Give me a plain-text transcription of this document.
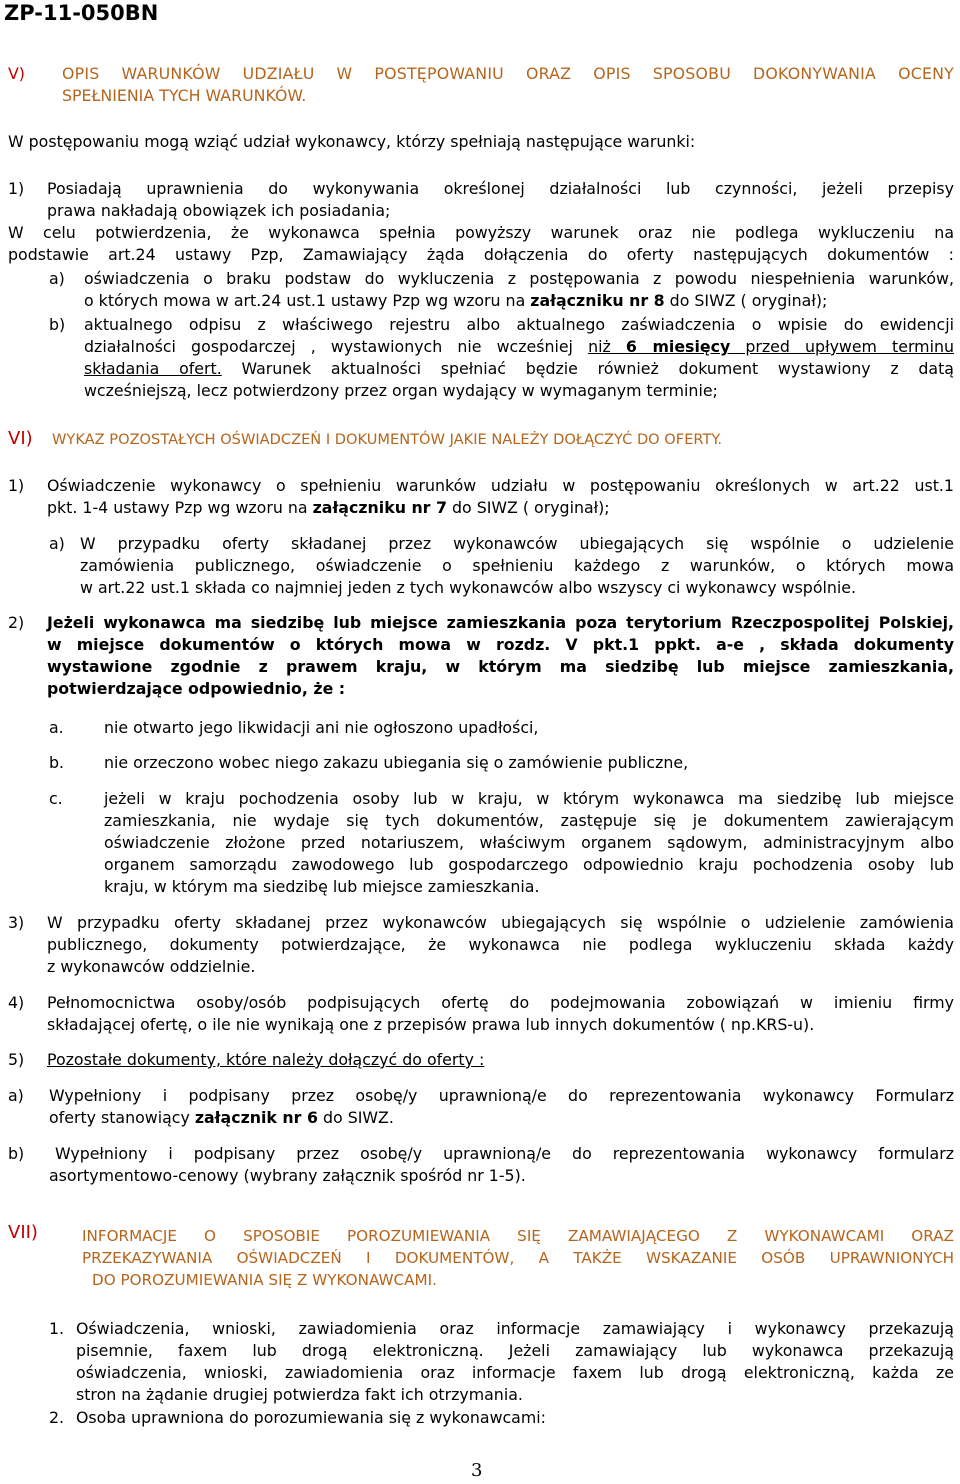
ZP-11-050BN
V) OPIS WARUNKÓW UDZIAŁU W POSTĘPOWANIU ORAZ OPIS SPOSOBU DOKONYWANIA OCENY
SPEŁNIENIA TYCH WARUNKÓW.
W postępowaniu mogą wziąć udział wykonawcy, którzy spełniają następujące warunki:
1) Posiadają uprawnienia do wykonywania określonej działalności lub czynności, jeżeli przepisy
prawa nakładają obowiązek ich posiadania;
W celu potwierdzenia, że wykonawca spełnia powyższy warunek oraz nie podlega wykluczeniu na
podstawie art.24 ustawy Pzp, Zamawiający żąda dołączenia do oferty następujących dokumentów :
a) oświadczenia o braku podstaw do wykluczenia z postępowania z powodu niespełnienia warunków,
o których mowa w art.24 ust.1 ustawy Pzp wg wzoru na załączniku nr 8 do SIWZ ( oryginał);
b) aktualnego odpisu z właściwego rejestru albo aktualnego zaświadczenia o wpisie do ewidencji
działalności gospodarczej , wystawionych nie wcześniej niż 6 miesięcy przed upływem terminu
składania ofert. Warunek aktualności spełniać będzie również dokument wystawiony z datą
wcześniejszą, lecz potwierdzony przez organ wydający w wymaganym terminie;
VI) WYKAZ POZOSTAŁYCH OŚWIADCZEŃ I DOKUMENTÓW JAKIE NALEŻY DOŁĄCZYĆ DO OFERTY.
1) Oświadczenie wykonawcy o spełnieniu warunków udziału w postępowaniu określonych w art.22 ust.1
pkt. 1-4 ustawy Pzp wg wzoru na załączniku nr 7 do SIWZ ( oryginał);
a) W przypadku oferty składanej przez wykonawców ubiegających się wspólnie o udzielenie
zamówienia publicznego, oświadczenie o spełnieniu każdego z warunków, o których mowa
w art.22 ust.1 składa co najmniej jeden z tych wykonawców albo wszyscy ci wykonawcy wspólnie.
2) Jeżeli wykonawca ma siedzibę lub miejsce zamieszkania poza terytorium Rzeczpospolitej Polskiej,
w miejsce dokumentów o których mowa w rozdz. V pkt.1 ppkt. a-e , składa dokumenty
wystawione zgodnie z prawem kraju, w którym ma siedzibę lub miejsce zamieszkania,
potwierdzające odpowiednio, że :
a.	nie otwarto jego likwidacji ani nie ogłoszono upadłości,
b.	nie orzeczono wobec niego zakazu ubiegania się o zamówienie publiczne,
c.	jeżeli w kraju pochodzenia osoby lub w kraju, w którym wykonawca ma siedzibę lub miejsce
zamieszkania, nie wydaje się tych dokumentów, zastępuje się je dokumentem zawierającym
oświadczenie złożone przed notariuszem, właściwym organem sądowym, administracyjnym albo
organem samorządu zawodowego lub gospodarczego odpowiednio kraju pochodzenia osoby lub
kraju, w którym ma siedzibę lub miejsce zamieszkania.
3) W przypadku oferty składanej przez wykonawców ubiegających się wspólnie o udzielenie zamówienia
publicznego, dokumenty potwierdzające, że wykonawca nie podlega wykluczeniu składa każdy
z wykonawców oddzielnie.
4) Pełnomocnictwa osoby/osób podpisujących ofertę do podejmowania zobowiązań w imieniu firmy
składającej ofertę, o ile nie wynikają one z przepisów prawa lub innych dokumentów ( np.KRS-u).
5) Pozostałe dokumenty, które należy dołączyć do oferty :
a) Wypełniony i podpisany przez osobę/y uprawnioną/e do reprezentowania wykonawcy Formularz
oferty stanowiący załącznik nr 6 do SIWZ.
b) Wypełniony i podpisany przez osobę/y uprawnioną/e do reprezentowania wykonawcy formularz
asortymentowo-cenowy (wybrany załącznik spośród nr 1-5).
VII)	INFORMACJE O SPOSOBIE POROZUMIEWANIA SIĘ ZAMAWIAJĄCEGO Z WYKONAWCAMI ORAZ
PRZEKAZYWANIA OŚWIADCZEŃ I DOKUMENTÓW, A TAKŻE WSKAZANIE OSÓB UPRAWNIONYCH
DO POROZUMIEWANIA SIĘ Z WYKONAWCAMI.
1. Oświadczenia, wnioski, zawiadomienia oraz informacje zamawiający i wykonawcy przekazują
pisemnie, faxem lub drogą elektroniczną. Jeżeli zamawiający lub wykonawca przekazują
oświadczenia, wnioski, zawiadomienia oraz informacje faxem lub drogą elektroniczną, każda ze
stron na żądanie drugiej potwierdza fakt ich otrzymania.
2. Osoba uprawniona do porozumiewania się z wykonawcami:
3
